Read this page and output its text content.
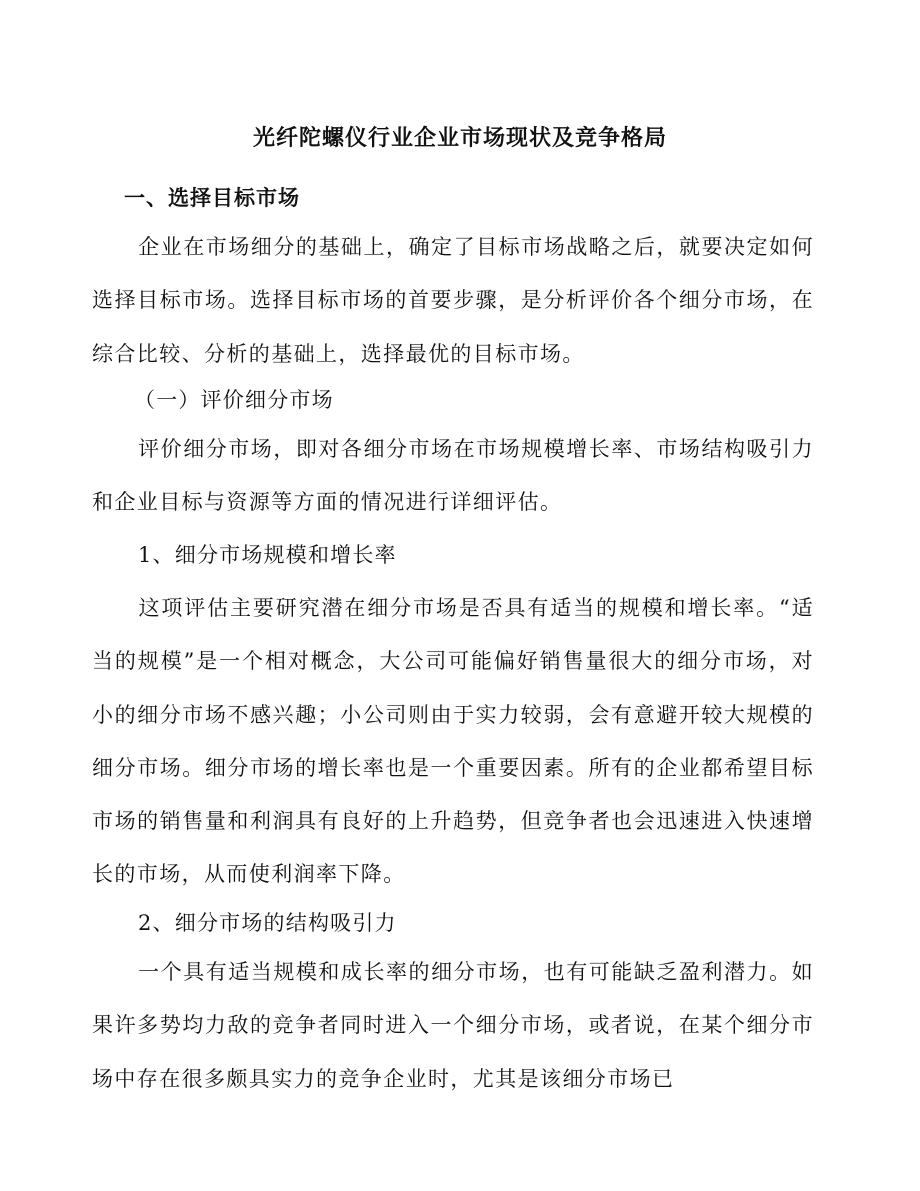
光纤陀螺仪行业企业市场现状及竞争格局
一、选择目标市场

企业在市场细分的基础上，确定了目标市场战略之后，就要决定如何选择目标市场。选择目标市场的首要步骤，是分析评价各个细分市场，在综合比较、分析的基础上，选择最优的目标市场。

（一）评价细分市场

评价细分市场，即对各细分市场在市场规模增长率、市场结构吸引力和企业目标与资源等方面的情况进行详细评估。

1、细分市场规模和增长率

这项评估主要研究潜在细分市场是否具有适当的规模和增长率。“适当的规模”是一个相对概念，大公司可能偏好销售量很大的细分市场，对小的细分市场不感兴趣；小公司则由于实力较弱，会有意避开较大规模的细分市场。细分市场的增长率也是一个重要因素。所有的企业都希望目标市场的销售量和利润具有良好的上升趋势，但竞争者也会迅速进入快速增长的市场，从而使利润率下降。

2、细分市场的结构吸引力

一个具有适当规模和成长率的细分市场，也有可能缺乏盈利潜力。如果许多势均力敌的竞争者同时进入一个细分市场，或者说，在某个细分市场中存在很多颇具实力的竞争企业时，尤其是该细分市场已
